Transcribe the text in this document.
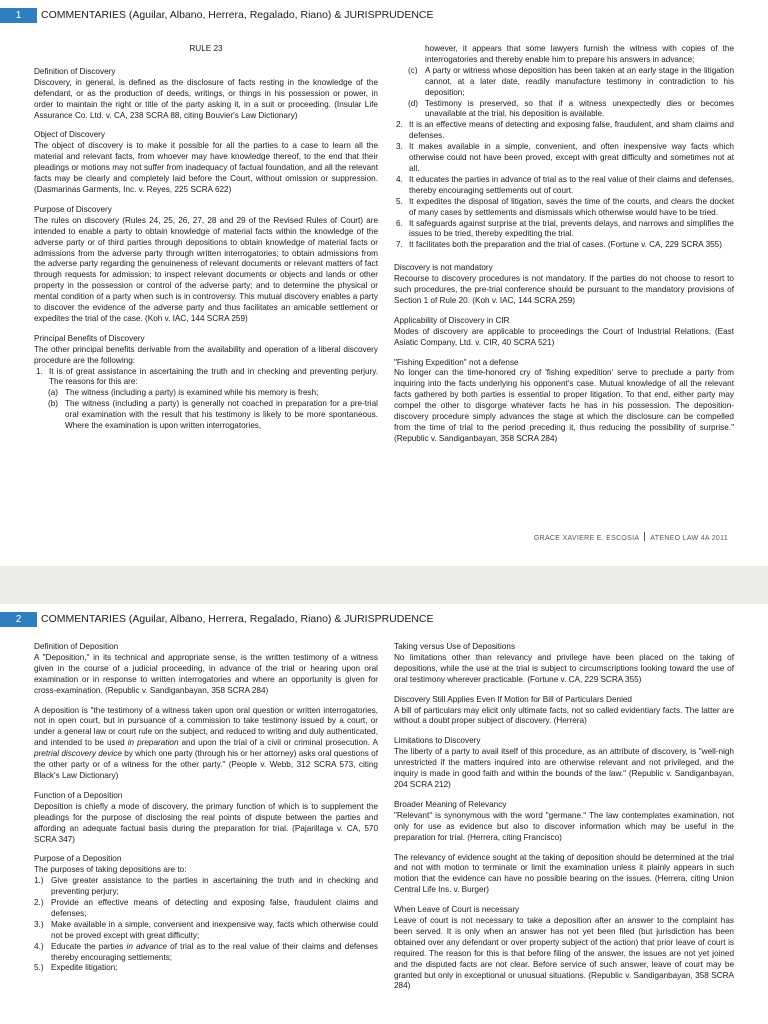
1	COMMENTARIES (Aguilar, Albano, Herrera, Regalado, Riano) & JURISPRUDENCE

RULE 23

Definition of Discovery

Discovery, in general, is defined as the disclosure of facts resting in the knowledge of the defendant, or as the production of deeds, writings, or things in his possession or power, in order to maintain the right or title of the party asking it, in a suit or proceeding. (Insular Life Assurance Co. Ltd. v. CA, 238 SCRA 88, citing Bouvier's Law Dictionary)

Object of Discovery

The object of discovery is to make it possible for all the parties to a case to learn all the material and relevant facts, from whoever may have knowledge thereof, to the end that their pleadings or motions may not suffer from inadequacy of factual foundation, and all the relevant facts may be clearly and completely laid before the Court, without omission or suppression. (Dasmarinas Garments, Inc. v. Reyes, 225 SCRA 622)

Purpose of Discovery

The rules on discovery (Rules 24, 25, 26, 27, 28 and 29 of the Revised Rules of Court) are intended to enable a party to obtain knowledge of material facts within the knowledge of the adverse party or of third parties through depositions to obtain knowledge of material facts or admissions from the adverse party through written interrogatories; to obtain admissions from the adverse party regarding the genuineness of relevant documents or relevant matters of fact through requests for admission; to inspect relevant documents or objects and lands or other property in the possession or control of the adverse party; and to determine the physical or mental condition of a party when such is in controversy. This mutual discovery enables a party to discover the evidence of the adverse party and thus facilitates an amicable settlement or expedites the trial of the case. (Koh v. IAC, 144 SCRA 259)

Principal Benefits of Discovery

The other principal benefits derivable from the availability and operation of a liberal discovery procedure are the following:

1. It is of great assistance in ascertaining the truth and in checking and preventing perjury. The reasons for this are:
(a) The witness (including a party) is examined while his memory is fresh;
(b) The witness (including a party) is generally not coached in preparation for a pre-trial oral examination with the result that his testimony is likely to be more spontaneous. Where the examination is upon written interrogatories,
however, it appears that some lawyers furnish the witness with copies of the interrogatories and thereby enable him to prepare his answers in advance;
(c) A party or witness whose deposition has been taken at an early stage in the litigation cannot, at a later date, readily manufacture testimony in contradiction to his deposition;
(d) Testimony is preserved, so that if a witness unexpectedly dies or becomes unavailable at the trial, his deposition is available.
2. It is an effective means of detecting and exposing false, fraudulent, and sham claims and defenses.
3. It makes available in a simple, convenient, and often inexpensive way facts which otherwise could not have been proved, except with great difficulty and sometimes not at all.
4. It educates the parties in advance of trial as to the real value of their claims and defenses, thereby encouraging settlements out of court.
5. It expedites the disposal of litigation, saves the time of the courts, and clears the docket of many cases by settlements and dismissals which otherwise would have to be tried.
6. It safeguards against surprise at the trial, prevents delays, and narrows and simplifies the issues to be tried, thereby expediting the trial.
7. It facilitates both the preparation and the trial of cases. (Fortune v. CA, 229 SCRA 355)

Discovery is not mandatory

Recourse to discovery procedures is not mandatory. If the parties do not choose to resort to such procedures, the pre-trial conference should be pursuant to the mandatory provisions of Section 1 of Rule 20. (Koh v. IAC, 144 SCRA 259)

Applicability of Discovery in CIR

Modes of discovery are applicable to proceedings the Court of Industrial Relations. (East Asiatic Company, Ltd. v. CIR, 40 SCRA 521)

"Fishing Expedition" not a defense

No longer can the time-honored cry of 'fishing expedition' serve to preclude a party from inquiring into the facts underlying his opponent's case. Mutual knowledge of all the relevant facts gathered by both parties is essential to proper litigation. To that end, either party may compel the other to disgorge whatever facts he has in his possession. The deposition-discovery procedure simply advances the stage at which the disclosure can be compelled from the time of trial to the period preceding it, thus reducing the possibility of surprise." (Republic v. Sandiganbayan, 358 SCRA 284)

GRACE XAVIERE E. ESCOSIA ATENEO LAW 4A 2011
2	COMMENTARIES (Aguilar, Albano, Herrera, Regalado, Riano) & JURISPRUDENCE

Definition of Deposition

A "Deposition," in its technical and appropriate sense, is the written testimony of a witness given in the course of a judicial proceeding, in advance of the trial or hearing upon oral examination or in response to written interrogatories and where an opportunity is given for cross-examination. (Republic v. Sandiganbayan, 358 SCRA 284)

A deposition is "the testimony of a witness taken upon oral question or written interrogatories, not in open court, but in pursuance of a commission to take testimony issued by a court, or under a general law or court rule on the subject, and reduced to writing and duly authenticated, and intended to be used in preparation and upon the trial of a civil or criminal prosecution. A pretrial discovery device by which one party (through his or her attorney) asks oral questions of the other party or of a witness for the other party." (People v. Webb, 312 SCRA 573, citing Black's Law Dictionary)

Function of a Deposition

Deposition is chiefly a mode of discovery, the primary function of which is to supplement the pleadings for the purpose of disclosing the real points of dispute between the parties and affording an adequate factual basis during the preparation for trial. (Pajarillaga v. CA, 570 SCRA 347)

Purpose of a Deposition

The purposes of taking depositions are to:

1.) Give greater assistance to the parties in ascertaining the truth and in checking and preventing perjury;
2.) Provide an effective means of detecting and exposing false, fraudulent claims and defenses;
3.) Make available in a simple, convenient and inexpensive way, facts which otherwise could not be proved except with great difficulty;
4.) Educate the parties in advance of trial as to the real value of their claims and defenses thereby encouraging settlements;
5.) Expedite litigation;

Taking versus Use of Depositions

No limitations other than relevancy and privilege have been placed on the taking of depositions, while the use at the trial is subject to circumscriptions looking toward the use of oral testimony wherever practicable. (Fortune v. CA, 229 SCRA 355)

Discovery Still Applies Even If Motion for Bill of Particulars Denied

A bill of particulars may elicit only ultimate facts, not so called evidentiary facts. The latter are without a doubt proper subject of discovery. (Herrera)

Limitations to Discovery

The liberty of a party to avail itself of this procedure, as an attribute of discovery, is "well-nigh unrestricted if the matters inquired into are otherwise relevant and not privileged, and the inquiry is made in good faith and within the bounds of the law." (Republic v. Sandiganbayan, 204 SCRA 212)

Broader Meaning of Relevancy

"Relevant" is synonymous with the word "germane." The law contemplates examination, not only for use as evidence but also to discover information which may be useful in the preparation for trial. (Herrera, citing Francisco)

The relevancy of evidence sought at the taking of deposition should be determined at the trial and not with motion to terminate or limit the examination unless it plainly appears in such motion that the evidence can have no possible bearing on the issues. (Herrera, citing Union Central Life Ins. v. Burger)

When Leave of Court is necessary

Leave of court is not necessary to take a deposition after an answer to the complaint has been served. It is only when an answer has not yet been filed (but jurisdiction has been obtained over any defendant or over property subject of the action) that prior leave of court is required. The reason for this is that before filing of the answer, the issues are not yet joined and the disputed facts are not clear. Before service of such answer, leave of court may be granted but only in exceptional or unusual situations. (Republic v. Sandiganbayan, 358 SCRA 284)
